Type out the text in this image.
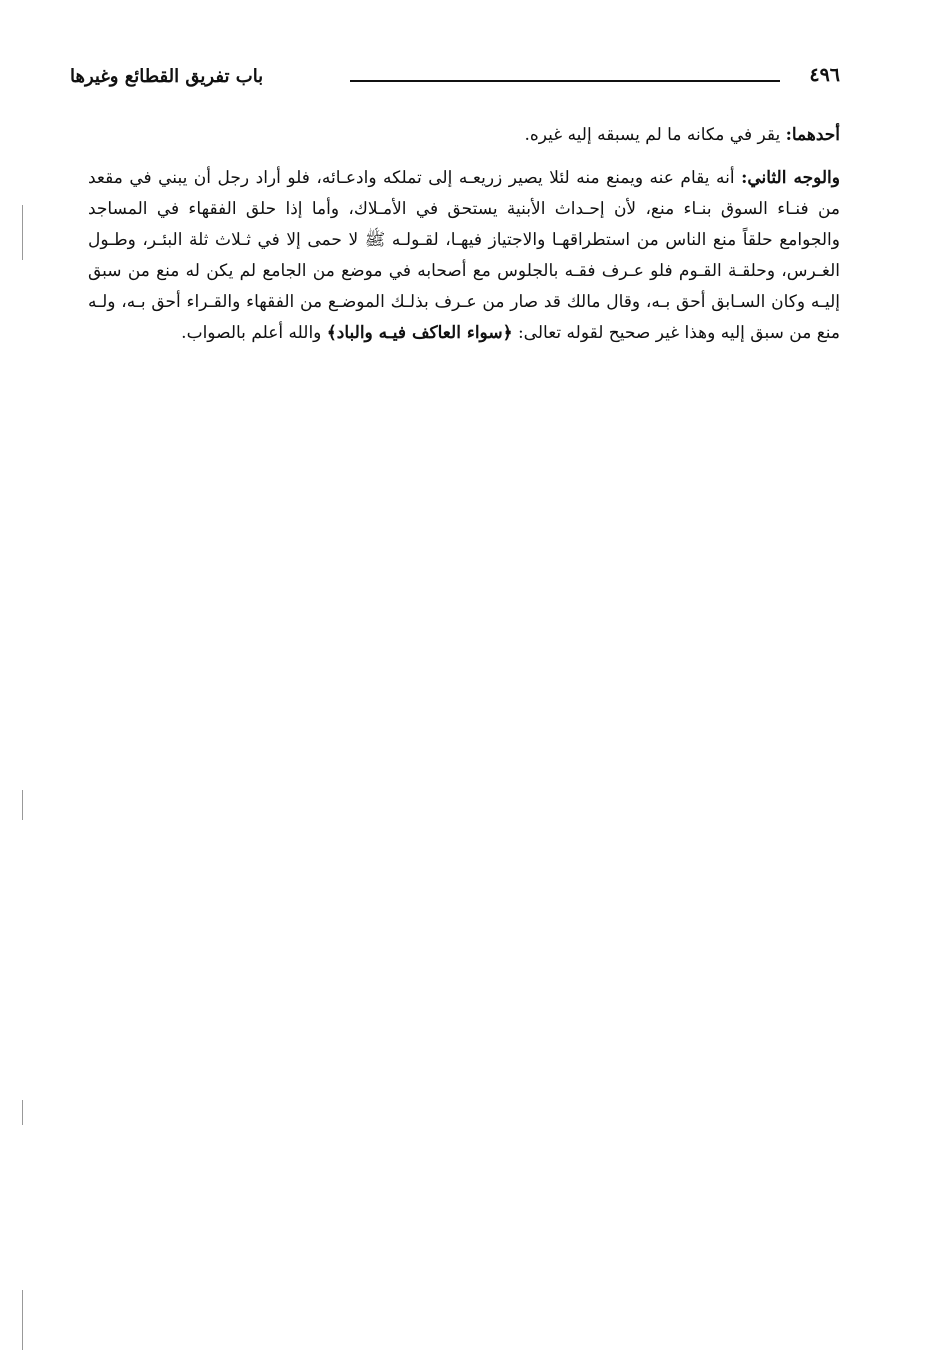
٤٩٦
باب تفريق القطائع وغيرها

أحدهما: يقر في مكانه ما لم يسبقه إليه غيره.

والوجه الثاني: أنه يقام عنه ويمنع منه لئلا يصير زريعـه إلى تملكه وادعـائه، فلو أراد رجل أن يبني في مقعد من فنـاء السوق بنـاء منع، لأن إحـداث الأبنية يستحق في الأمـلاك، وأما إذا حلق الفقهاء في المساجد والجوامع حلقاً منع الناس من استطراقهـا والاجتياز فيهـا، لقـولـه ﷺ لا حمى إلا في ثـلاث ثلة البئـر، وطـول الغـرس، وحلقـة القـوم فلو عـرف فقـه بالجلوس مع أصحابه في موضع من الجامع لم يكن له منع من سبق إليـه وكان السـابق أحق بـه، وقال مالك قد صار من عـرف بذلـك الموضـع من الفقهاء والقـراء أحق بـه، ولـه منع من سبق إليه وهذا غير صحيح لقوله تعالى: ﴿سواء العاكف فيـه والباد﴾ والله أعلم بالصواب.
